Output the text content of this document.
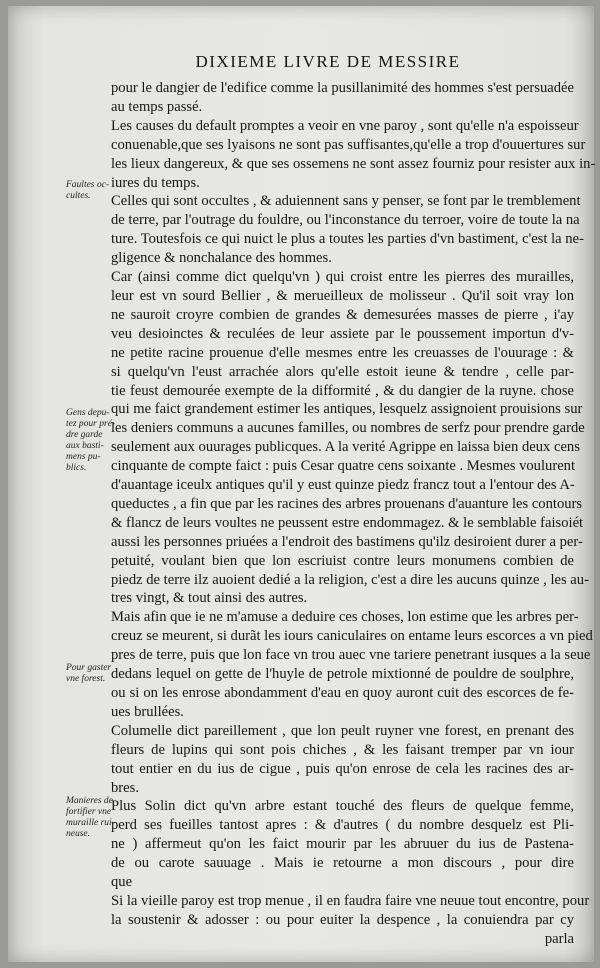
DIXIEME LIVRE DE MESSIRE
pour le dangier de l'edifice comme la pusillanimité des hommes s'est persuadée
au temps passé.
Les causes du default promptes a veoir en vne paroy , sont qu'elle n'a espoisseur
conuenable,que ses lyaisons ne sont pas suffisantes,qu'elle a trop d'ouuertures sur
les lieux dangereux, & que ses ossemens ne sont assez fourniz pour resister aux in-
iures du temps.
Celles qui sont occultes , & aduiennent sans y penser, se font par le tremblement
de terre, par l'outrage du fouldre, ou l'inconstance du terroer, voire de toute la na
ture. Toutesfois ce qui nuict le plus a toutes les parties d'vn bastiment, c'est la ne-
gligence & nonchalance des hommes.
Car (ainsi comme dict quelqu'vn ) qui croist entre les pierres des murailles,
leur est vn sourd Bellier , & merueilleux de molisseur . Qu'il soit vray lon
ne sauroit croyre combien de grandes & demesurées masses de pierre , i'ay
veu desioinctes & reculées de leur assiete par le poussement importun d'v-
ne petite racine prouenue d'elle mesmes entre les creuasses de l'ouurage : &
si quelqu'vn l'eust arrachée alors qu'elle estoit ieune & tendre , celle par-
tie feust demourée exempte de la difformité , & du dangier de la ruyne. chose
qui me faict grandement estimer les antiques, lesquelz assignoient prouisions sur
les deniers communs a aucunes familles, ou nombres de serfz pour prendre garde
seulement aux ouurages publicques. A la verité Agrippe en laissa bien deux cens
cinquante de compte faict : puis Cesar quatre cens soixante . Mesmes voulurent
d'auantage iceulx antiques qu'il y eust quinze piedz francz tout a l'entour des A-
queductes , a fin que par les racines des arbres prouenans d'auanture les contours
& flancz de leurs voultes ne peussent estre endommagez. & le semblable faisoiét
aussi les personnes priuées a l'endroit des bastimens qu'ilz desiroient durer a per-
petuité, voulant bien que lon escriuist contre leurs monumens combien de
piedz de terre ilz auoient dedié a la religion, c'est a dire les aucuns quinze , les au-
tres vingt, & tout ainsi des autres.
Mais afin que ie ne m'amuse a deduire ces choses, lon estime que les arbres per-
creuz se meurent, si durãt les iours caniculaires on entame leurs escorces a vn pied
pres de terre, puis que lon face vn trou auec vne tariere penetrant iusques a la seue
dedans lequel on gette de l'huyle de petrole mixtionné de pouldre de soulphre,
ou si on les enrose abondamment d'eau en quoy auront cuit des escorces de fe-
ues brullées.
Columelle dict pareillement , que lon peult ruyner vne forest, en prenant des
fleurs de lupins qui sont pois chiches , & les faisant tremper par vn iour
tout entier en du ius de cigue , puis qu'on enrose de cela les racines des ar-
bres.
Plus Solin dict qu'vn arbre estant touché des fleurs de quelque femme,
perd ses fueilles tantost apres : & d'autres ( du nombre desquelz est Pli-
ne ) affermeut qu'on les faict mourir par les abruuer du ius de Pastena-
de ou carote sauuage . Mais ie retourne a mon discours , pour dire
que
Si la vieille paroy est trop menue , il en faudra faire vne neuue tout encontre, pour
la soustenir & adosser : ou pour euiter la despence , la conuiendra par cy
parla
Faultes oc-
cultes.
Gens depu-
tez pour pré-
dre garde
aux basti-
mens pu-
blics.
Pour gaster
vne forest.
Manieres de
fortifier vne
muraille rui-
neuse.
